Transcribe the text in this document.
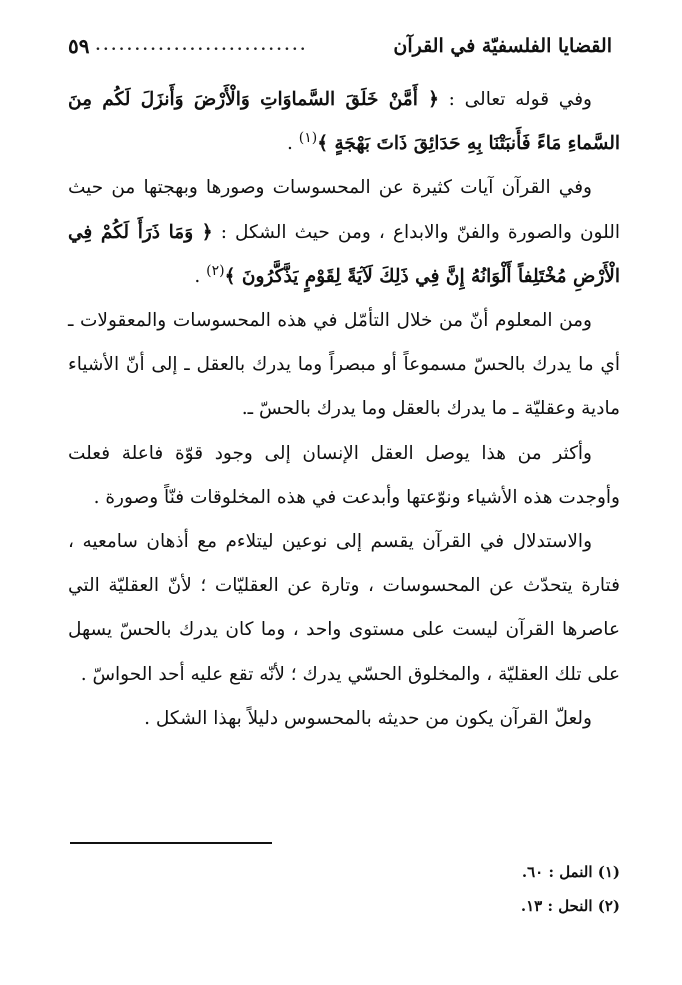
القضايا الفلسفيّة في القرآن
...........................
٥٩

وفي قوله تعالى : ﴿ أَمَّنْ خَلَقَ السَّماوَاتِ وَالْأَرْضَ وَأَنزَلَ لَكُم مِنَ السَّماءِ مَاءً فَأَنبَتْنَا بِهِ حَدَائِقَ ذَاتَ بَهْجَةٍ ﴾$^{(١)}$ .

وفي القرآن آيات كثيرة عن المحسوسات وصورها وبهجتها من حيث اللون والصورة والفنّ والابداع ، ومن حيث الشكل : ﴿ وَمَا ذَرَأَ لَكُمْ فِي الْأَرْضِ مُخْتَلِفاً أَلْوَانُهُ إِنَّ فِي ذَلِكَ لَآيَةً لِقَوْمٍ يَذَّكَّرُونَ ﴾$^{(٢)}$ .

ومن المعلوم أنّ من خلال التأمّل في هذه المحسوسات والمعقولات ـ أي ما يدرك بالحسّ مسموعاً أو مبصراً وما يدرك بالعقل ـ إلى أنّ الأشياء مادية وعقليّة ـ ما يدرك بالعقل وما يدرك بالحسّ ـ.

وأكثر من هذا يوصل العقل الإنسان إلى وجود قوّة فاعلة فعلت وأوجدت هذه الأشياء ونوّعتها وأبدعت في هذه المخلوقات فنّاً وصورة .

والاستدلال في القرآن يقسم إلى نوعين ليتلاءم مع أذهان سامعيه ، فتارة يتحدّث عن المحسوسات ، وتارة عن العقليّات ؛ لأنّ العقليّة التي عاصرها القرآن ليست على مستوى واحد ، وما كان يدرك بالحسّ يسهل على تلك العقليّة ، والمخلوق الحسّي يدرك ؛ لأنّه تقع عليه أحد الحواسّ .

ولعلّ القرآن يكون من حديثه بالمحسوس دليلاً بهذا الشكل .

(١) النمل : ٦٠.

(٢) النحل : ١٣.
